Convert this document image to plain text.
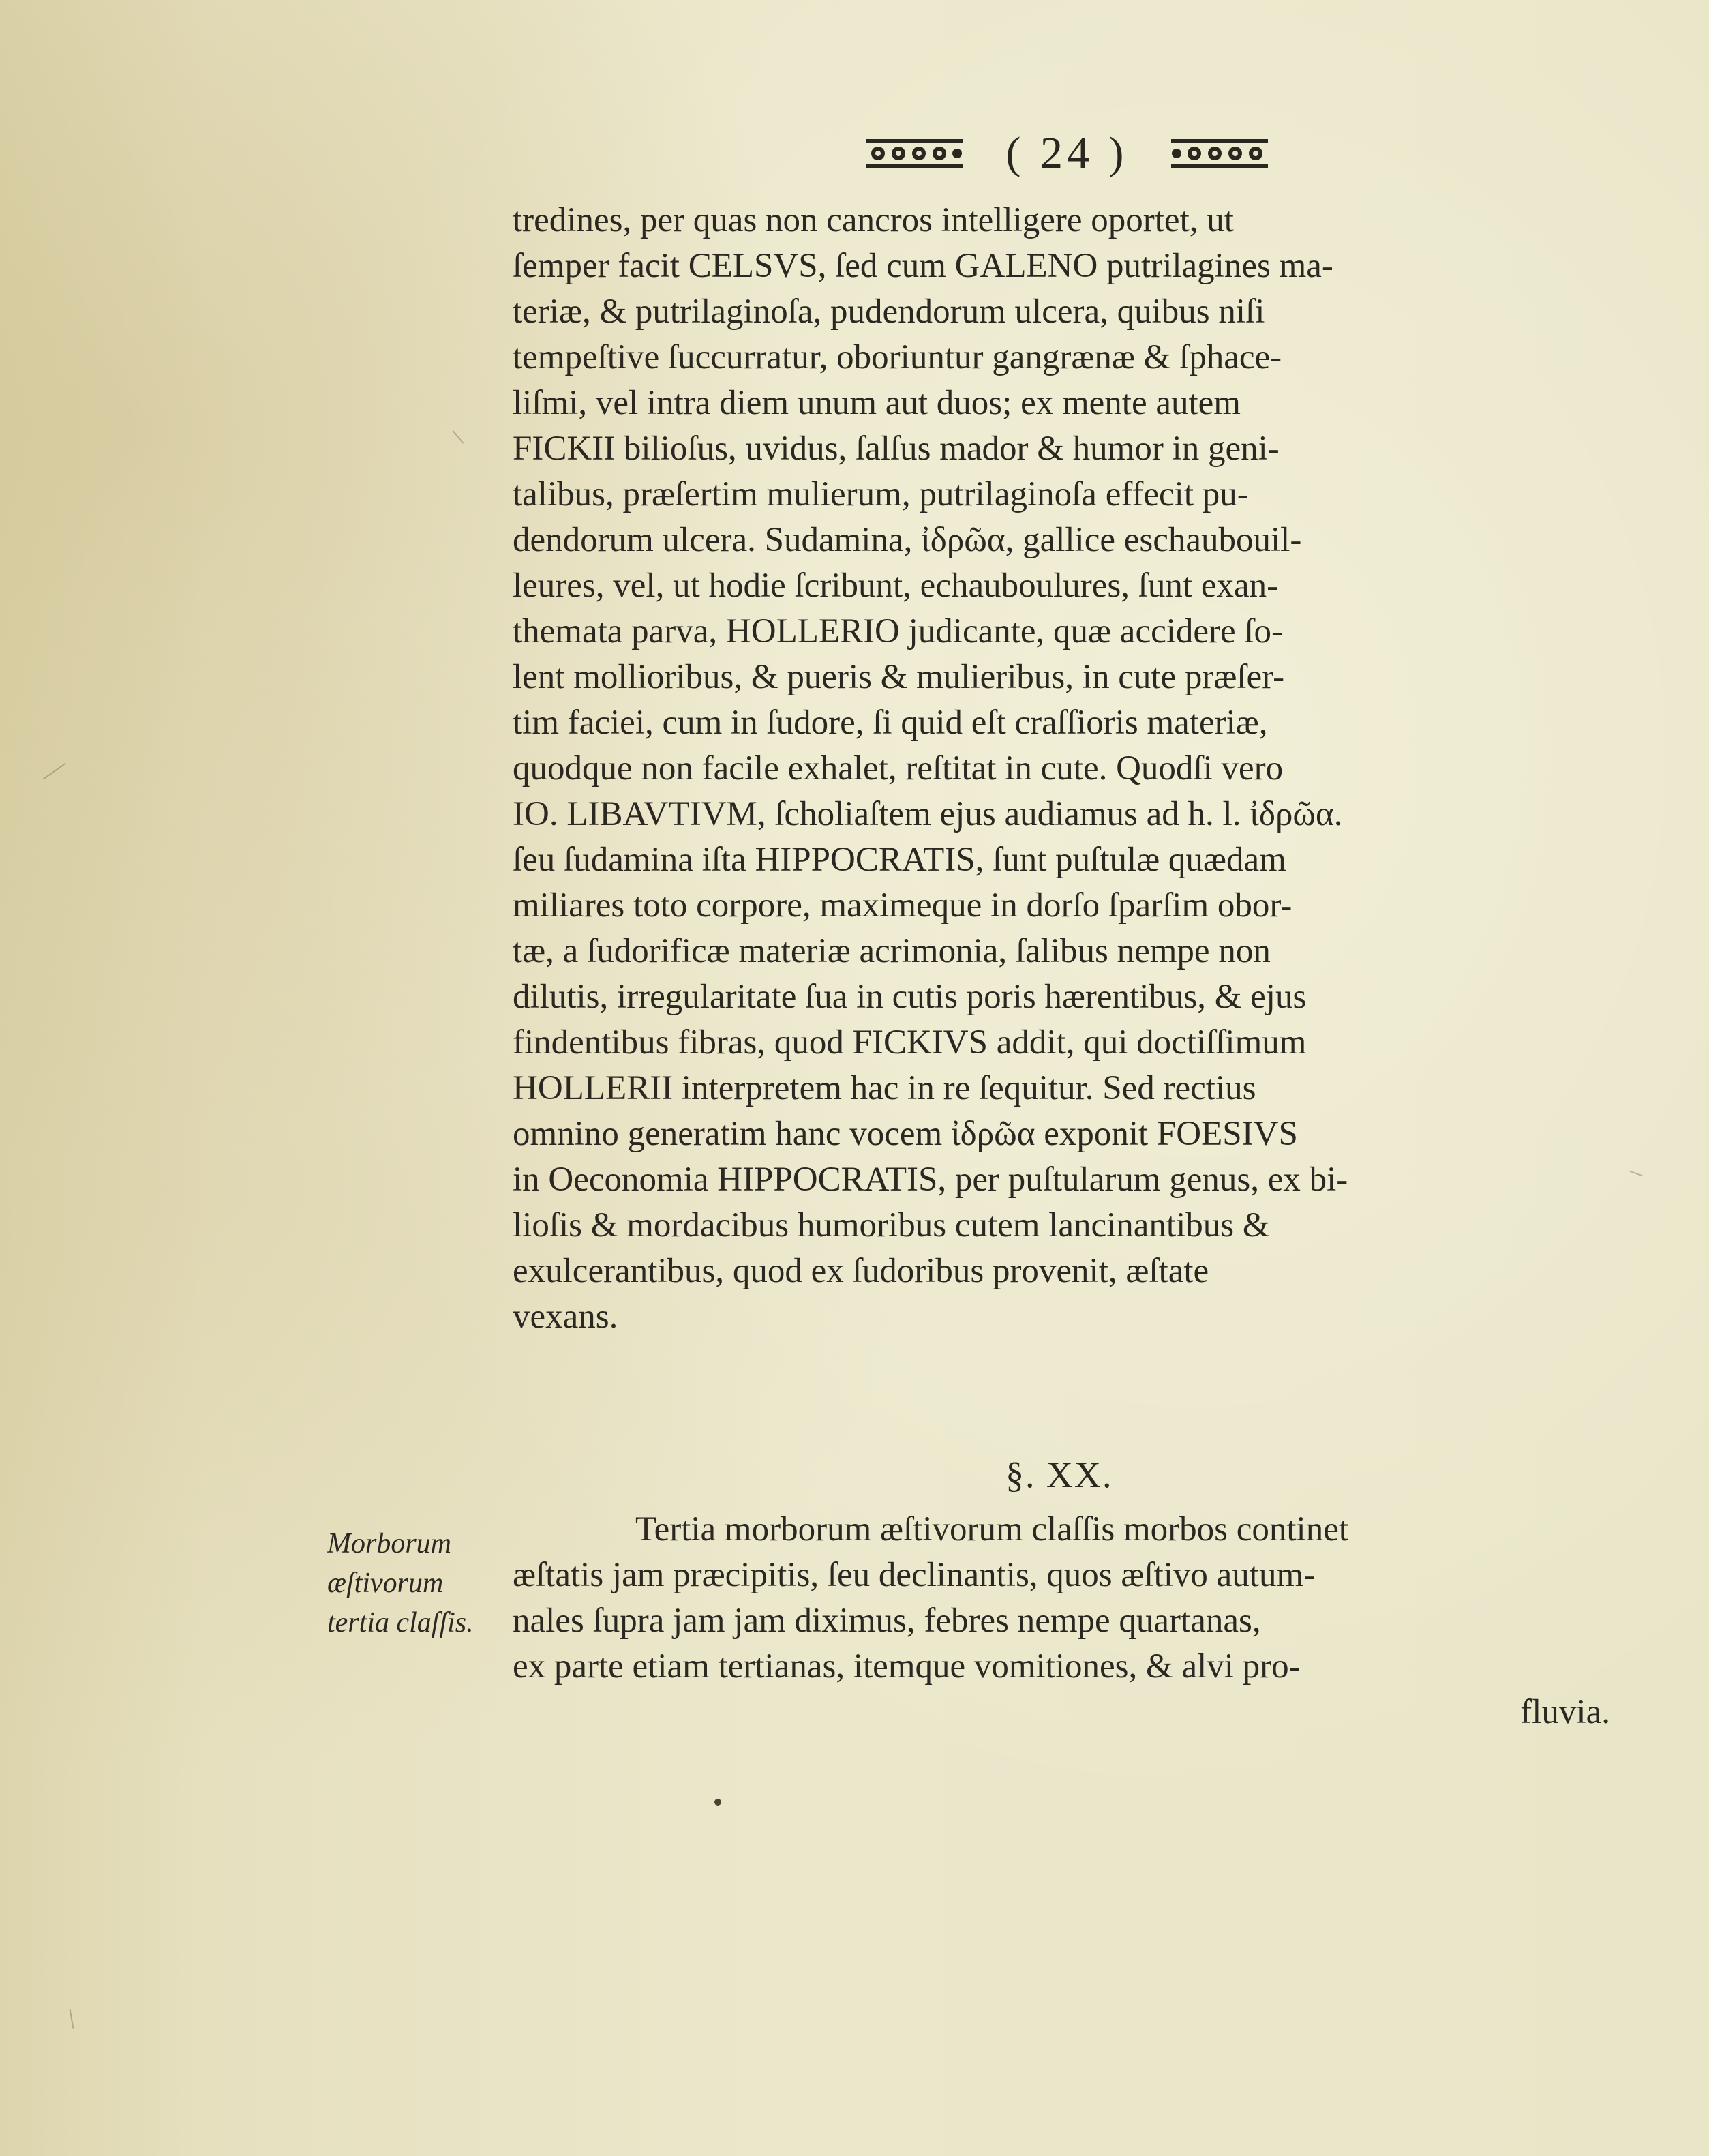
( 24 )
tredines, per quas non cancros intelligere oportet, ut
ſemper facit CELSVS, ſed cum GALENO putrilagines ma-
teriæ, & putrilaginoſa, pudendorum ulcera, quibus niſi
tempeſtive ſuccurratur, oboriuntur gangrænæ & ſphace-
liſmi, vel intra diem unum aut duos; ex mente autem
FICKII bilioſus, uvidus, ſalſus mador & humor in geni-
talibus, præſertim mulierum, putrilaginoſa effecit pu-
dendorum ulcera. Sudamina, ἰδρῶα, gallice eschaubouil-
leures, vel, ut hodie ſcribunt, echauboulures, ſunt exan-
themata parva, HOLLERIO judicante, quæ accidere ſo-
lent mollioribus, & pueris & mulieribus, in cute præſer-
tim faciei, cum in ſudore, ſi quid eſt craſſioris materiæ,
quodque non facile exhalet, reſtitat in cute. Quodſi vero
IO. LIBAVTIVM, ſcholiaſtem ejus audiamus ad h. l. ἰδρῶα.
ſeu ſudamina iſta HIPPOCRATIS, ſunt puſtulæ quædam
miliares toto corpore, maximeque in dorſo ſparſim obor-
tæ, a ſudorificæ materiæ acrimonia, ſalibus nempe non
dilutis, irregularitate ſua in cutis poris hærentibus, & ejus
findentibus fibras, quod FICKIVS addit, qui doctiſſimum
HOLLERII interpretem hac in re ſequitur. Sed rectius
omnino generatim hanc vocem ἰδρῶα exponit FOESIVS
in Oeconomia HIPPOCRATIS, per puſtularum genus, ex bi-
lioſis & mordacibus humoribus cutem lancinantibus &
exulcerantibus, quod ex ſudoribus provenit, æſtate
vexans.
§. XX.
Morborum
æſtivorum
tertia claſſis.
Tertia morborum æſtivorum claſſis morbos continet
æſtatis jam præcipitis, ſeu declinantis, quos æſtivo autum-
nales ſupra jam jam diximus, febres nempe quartanas,
ex parte etiam tertianas, itemque vomitiones, & alvi pro-
fluvia.
